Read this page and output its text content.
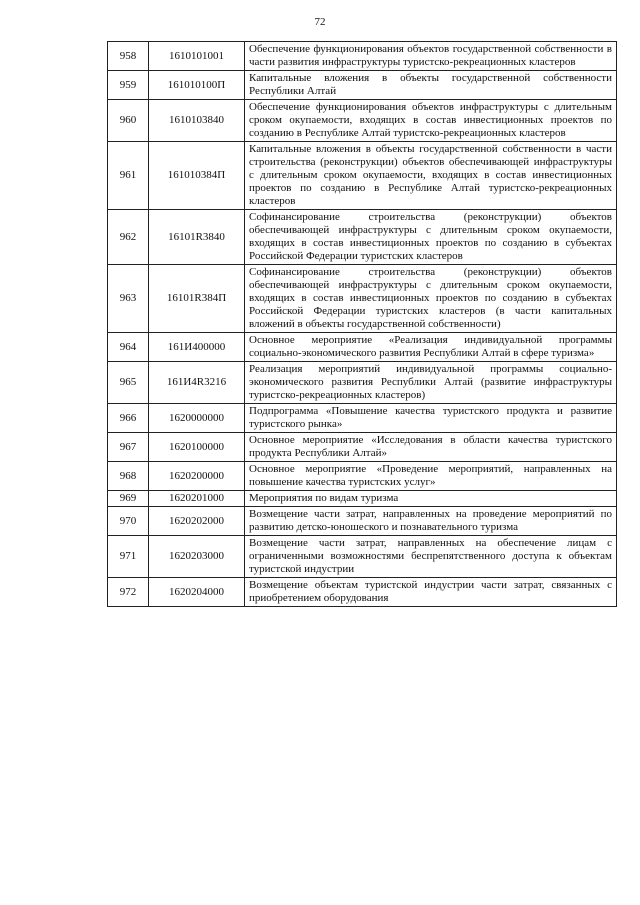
72
958	1610101001	Обеспечение функционирования объектов государственной собственности в части развития инфраструктуры туристско-рекреационных кластеров
959	161010100П	Капитальные вложения в объекты государственной собственности Республики Алтай
960	1610103840	Обеспечение функционирования объектов инфраструктуры с длительным сроком окупаемости, входящих в состав инвестиционных проектов по созданию в Республике Алтай туристско-рекреационных кластеров
961	161010384П	Капитальные вложения в объекты государственной собственности в части строительства (реконструкции) объектов обеспечивающей инфраструктуры с длительным сроком окупаемости, входящих в состав инвестиционных проектов по созданию в Республике Алтай туристско-рекреационных кластеров
962	16101R3840	Софинансирование строительства (реконструкции) объектов обеспечивающей инфраструктуры с длительным сроком окупаемости, входящих в состав инвестиционных проектов по созданию в субъектах Российской Федерации туристских кластеров
963	16101R384П	Софинансирование строительства (реконструкции) объектов обеспечивающей инфраструктуры с длительным сроком окупаемости, входящих в состав инвестиционных проектов по созданию в субъектах Российской Федерации туристских кластеров (в части капитальных вложений в объекты государственной собственности)
964	161И400000	Основное мероприятие «Реализация индивидуальной программы социально-экономического развития Республики Алтай в сфере туризма»
965	161И4R3216	Реализация мероприятий индивидуальной программы социально-экономического развития Республики Алтай (развитие инфраструктуры туристско-рекреационных кластеров)
966	1620000000	Подпрограмма «Повышение качества туристского продукта и развитие туристского рынка»
967	1620100000	Основное мероприятие «Исследования в области качества туристского продукта Республики Алтай»
968	1620200000	Основное мероприятие «Проведение мероприятий, направленных на повышение качества туристских услуг»
969	1620201000	Мероприятия по видам туризма
970	1620202000	Возмещение части затрат, направленных на проведение мероприятий по развитию детско-юношеского и познавательного туризма
971	1620203000	Возмещение части затрат, направленных на обеспечение лицам с ограниченными возможностями беспрепятственного доступа к объектам туристской индустрии
972	1620204000	Возмещение объектам туристской индустрии части затрат, связанных с приобретением оборудования
